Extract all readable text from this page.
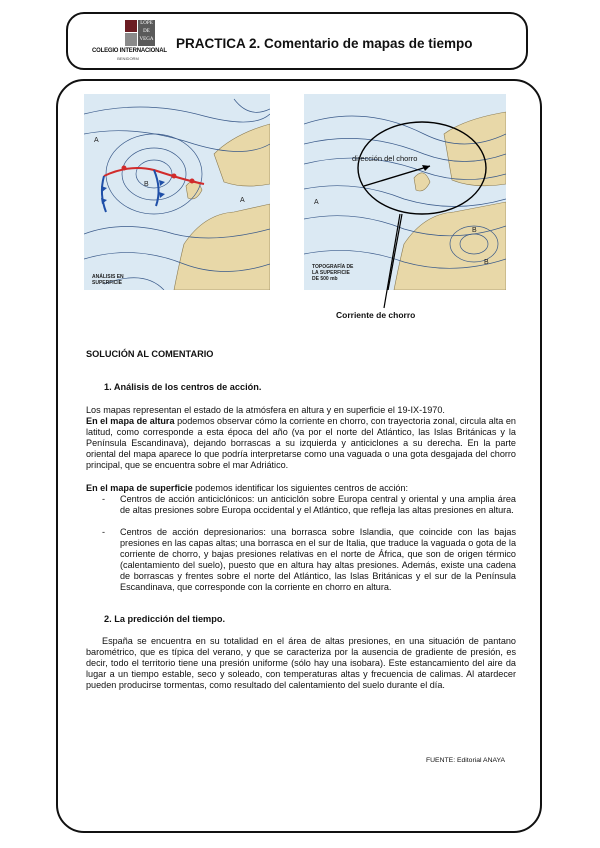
LOPE DE VEGA
COLEGIO INTERNACIONAL
BENIDORM
PRACTICA 2. Comentario de mapas de tiempo
A
B
A
ANÁLISIS EN
SUPERFICIE
B
B
A
TOPOGRAFÍA DE
LA SUPERFICIE
DE 500 mb
dirección del chorro
Corriente de chorro
SOLUCIÓN AL COMENTARIO
1. Análisis de los centros de acción.
Los mapas representan el estado de la atmósfera en altura y en superficie el 19-IX-1970.
En el mapa de altura podemos observar cómo la corriente en chorro, con trayectoria zonal, circula alta en latitud, como corresponde a esta época del año (va por el norte del Atlántico, las Islas Británicas y la Península Escandinava), dejando borrascas a su izquierda y anticiclones a su derecha. En la parte oriental del mapa aparece lo que podría interpretarse como una vaguada o una gota desgajada del chorro principal, que se encuentra sobre el mar Adriático.
En el mapa de superficie podemos identificar los siguientes centros de acción:
- Centros de acción anticiclónicos: un anticiclón sobre Europa central y oriental y una amplia área de altas presiones sobre Europa occidental y el Atlántico, que refleja las altas presiones en altura.
- Centros de acción depresionarios: una borrasca sobre Islandia, que coincide con las bajas presiones en las capas altas; una borrasca en el sur de Italia, que traduce la vaguada o gota de la corriente de chorro, y bajas presiones relativas en el norte de África, que son de origen térmico (calentamiento del suelo), puesto que en altura hay altas presiones. Además, existe una cadena de borrascas y frentes sobre el norte del Atlántico, las Islas Británicas y el sur de la Península Escandinava, que corresponde con la corriente en chorro en altura.
2. La predicción del tiempo.
España se encuentra en su totalidad en el área de altas presiones, en una situación de pantano barométrico, que es típica del verano, y que se caracteriza por la ausencia de gradiente de presión, es decir, todo el territorio tiene una presión uniforme (sólo hay una isobara). Este estancamiento del aire da lugar a un tiempo estable, seco y soleado, con temperaturas altas y frecuencia de calimas. Al atardecer pueden producirse tormentas, como resultado del calentamiento del suelo durante el día.
FUENTE: Editorial ANAYA
